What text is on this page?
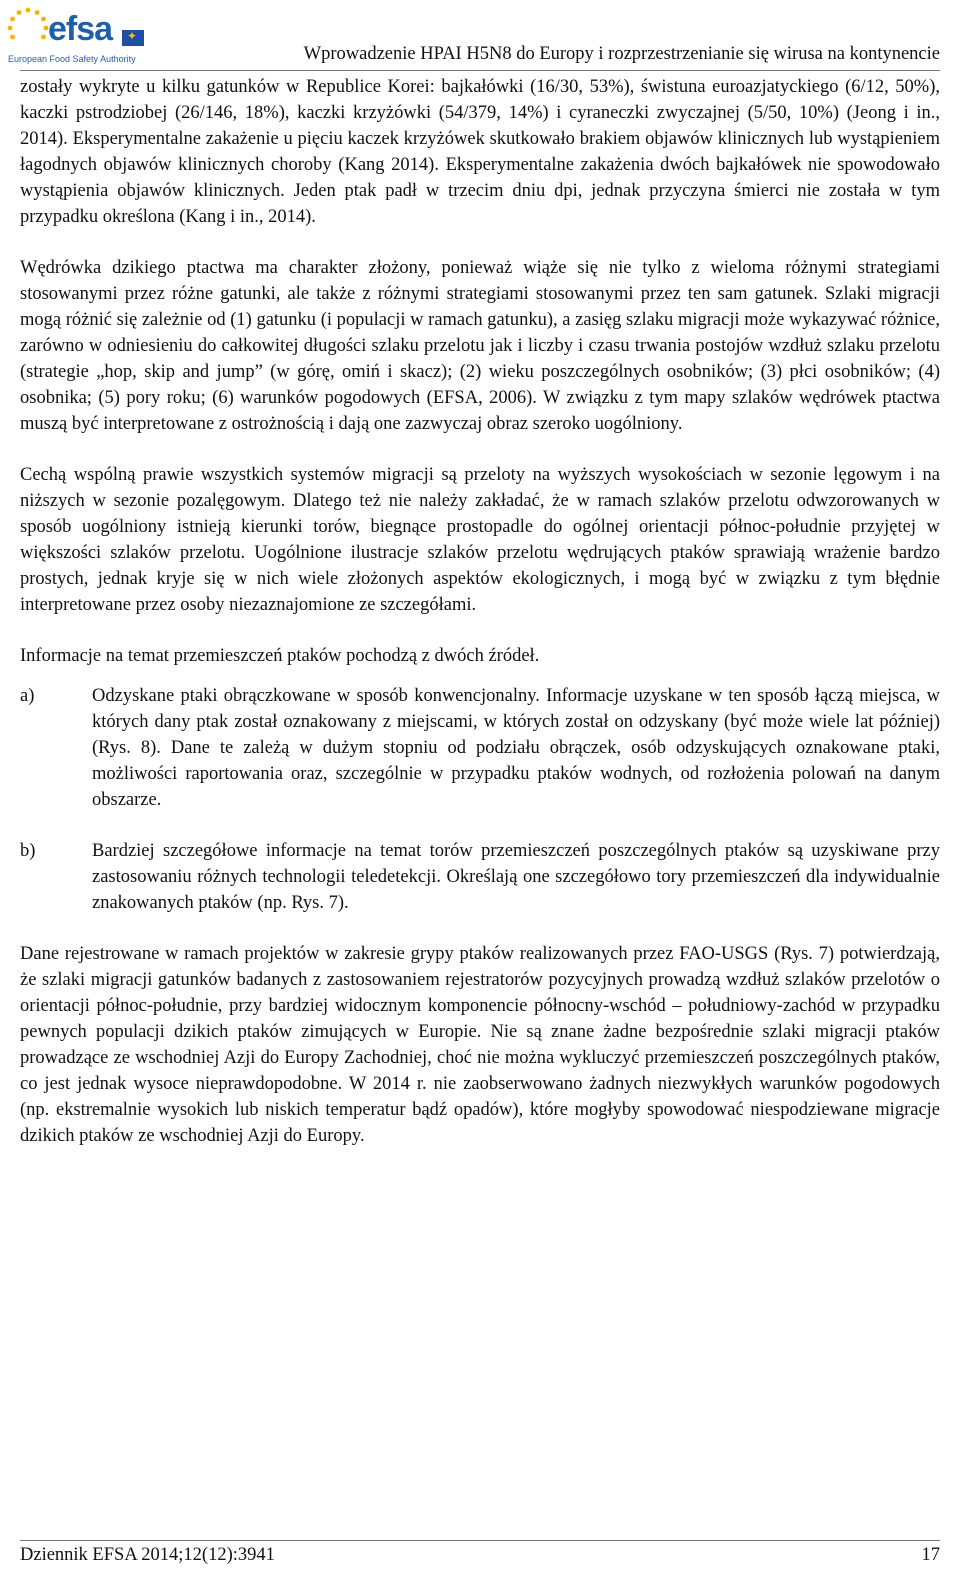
efsa
✦
European Food Safety Authority	Wprowadzenie HPAI H5N8 do Europy i rozprzestrzenianie się wirusa na kontynencie

zostały wykryte u kilku gatunków w Republice Korei: bajkałówki (16/30, 53%), świstuna euroazjatyckiego (6/12, 50%), kaczki pstrodziobej (26/146, 18%), kaczki krzyżówki (54/379, 14%) i cyraneczki zwyczajnej (5/50, 10%) (Jeong i in., 2014). Eksperymentalne zakażenie u pięciu kaczek krzyżówek skutkowało brakiem objawów klinicznych lub wystąpieniem łagodnych objawów klinicznych choroby (Kang 2014). Eksperymentalne zakażenia dwóch bajkałówek nie spowodowało wystąpienia objawów klinicznych. Jeden ptak padł w trzecim dniu dpi, jednak przyczyna śmierci nie została w tym przypadku określona (Kang i in., 2014).

Wędrówka dzikiego ptactwa ma charakter złożony, ponieważ wiąże się nie tylko z wieloma różnymi strategiami stosowanymi przez różne gatunki, ale także z różnymi strategiami stosowanymi przez ten sam gatunek. Szlaki migracji mogą różnić się zależnie od (1) gatunku (i populacji w ramach gatunku), a zasięg szlaku migracji może wykazywać różnice, zarówno w odniesieniu do całkowitej długości szlaku przelotu jak i liczby i czasu trwania postojów wzdłuż szlaku przelotu (strategie „hop, skip and jump” (w górę, omiń i skacz); (2) wieku poszczególnych osobników; (3) płci osobników; (4) osobnika; (5) pory roku; (6) warunków pogodowych (EFSA, 2006). W związku z tym mapy szlaków wędrówek ptactwa muszą być interpretowane z ostrożnością i dają one zazwyczaj obraz szeroko uogólniony.

Cechą wspólną prawie wszystkich systemów migracji są przeloty na wyższych wysokościach w sezonie lęgowym i na niższych w sezonie pozalęgowym. Dlatego też nie należy zakładać, że w ramach szlaków przelotu odwzorowanych w sposób uogólniony istnieją kierunki torów, biegnące prostopadle do ogólnej orientacji północ-południe przyjętej w większości szlaków przelotu. Uogólnione ilustracje szlaków przelotu wędrujących ptaków sprawiają wrażenie bardzo prostych, jednak kryje się w nich wiele złożonych aspektów ekologicznych, i mogą być w związku z tym błędnie interpretowane przez osoby niezaznajomione ze szczegółami.

Informacje na temat przemieszczeń ptaków pochodzą z dwóch źródeł.

a)	Odzyskane ptaki obrączkowane w sposób konwencjonalny. Informacje uzyskane w ten sposób łączą miejsca, w których dany ptak został oznakowany z miejscami, w których został on odzyskany (być może wiele lat później) (Rys. 8). Dane te zależą w dużym stopniu od podziału obrączek, osób odzyskujących oznakowane ptaki, możliwości raportowania oraz, szczególnie w przypadku ptaków wodnych, od rozłożenia polowań na danym obszarze.
b)	Bardziej szczegółowe informacje na temat torów przemieszczeń poszczególnych ptaków są uzyskiwane przy zastosowaniu różnych technologii teledetekcji. Określają one szczegółowo tory przemieszczeń dla indywidualnie znakowanych ptaków (np. Rys. 7).

Dane rejestrowane w ramach projektów w zakresie grypy ptaków realizowanych przez FAO-USGS (Rys. 7) potwierdzają, że szlaki migracji gatunków badanych z zastosowaniem rejestratorów pozycyjnych prowadzą wzdłuż szlaków przelotów o orientacji północ-południe, przy bardziej widocznym komponencie północny-wschód – południowy-zachód w przypadku pewnych populacji dzikich ptaków zimujących w Europie. Nie są znane żadne bezpośrednie szlaki migracji ptaków prowadzące ze wschodniej Azji do Europy Zachodniej, choć nie można wykluczyć przemieszczeń poszczególnych ptaków, co jest jednak wysoce nieprawdopodobne. W 2014 r. nie zaobserwowano żadnych niezwykłych warunków pogodowych (np. ekstremalnie wysokich lub niskich temperatur bądź opadów), które mogłyby spowodować niespodziewane migracje dzikich ptaków ze wschodniej Azji do Europy.

Dziennik EFSA 2014;12(12):3941	17
